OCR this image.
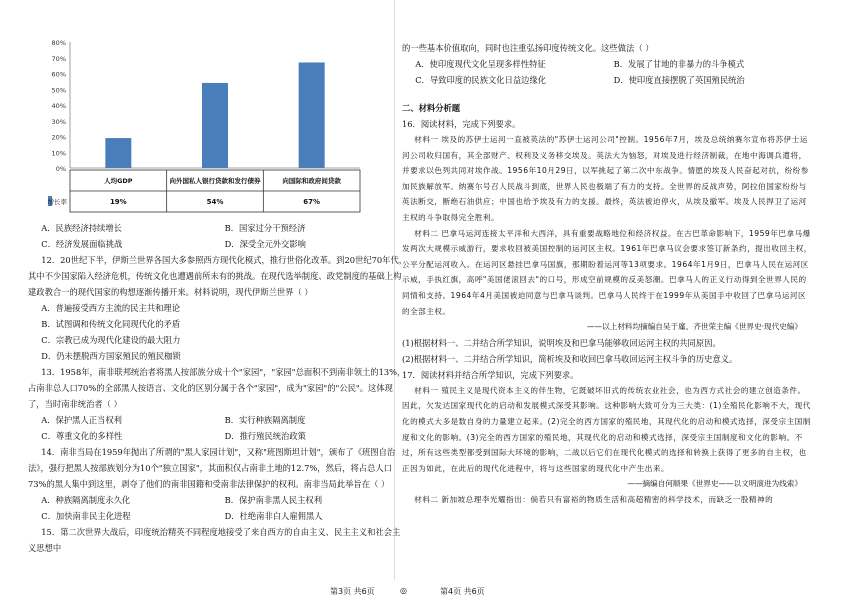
0%
10%
20%
30%
40%
50%
60%
70%
80%
增长率
人均GDP
19%
向外国私人银行贷款和发行债券
54%
向国际和政府间贷款
67%
A．民族经济持续增长	B．国家过分干预经济
C．经济发展面临挑战	D．深受全元外交影响

12．20世纪下半，伊斯兰世界各国大多参照西方现代化模式，推行世俗化改革。到20世纪70年代，其中不少国家陷入经济危机，传统文化也遭遇前所未有的挑战。在现代选举制度、政党制度的基础上构建政教合一的现代国家的构想逐渐传播开来。材料说明，现代伊斯兰世界（ ）

A．普遍接受西方主流的民主共和理论
B．试图调和传统文化同现代化的矛盾
C．宗教已成为现代化建设的最大阻力
D．仍未摆脱西方国家殖民的殖民枷锁

13．1958年，南非联邦统治者将黑人按部族分成十个"家园"，"家园"总面积不到南非领土的13%，占南非总人口70%的全部黑人按语言、文化的区别分属于各个"家园"，成为"家园"的"公民"。这体现了，当时南非统治者（ ）

A．保护黑人正当权利	B．实行种族隔离制度
C．尊重文化的多样性	D．推行殖民统治政策

14．南非当局在1959年抛出了所谓的"黑人家园计划"，又称"班图斯坦计划"，颁布了《班图自治法》，强行把黑人按部族划分为10个"独立国家"，其面积仅占南非土地的12.7%，然后，将占总人口73%的黑人集中到这里，剥夺了他们的南非国籍和受南非法律保护的权利。南非当局此举旨在（ ）

A．种族隔离制度永久化	B．保护南非黑人民主权利
C．加快南非民主化进程	D．杜绝南非白人雇佣黑人

15．第二次世界大战后，印度统治精英不同程度地接受了来自西方的自由主义、民主主义和社会主义思想中

的一些基本价值取向，同时也注重弘扬印度传统文化。这些做法（ ）

A．使印度现代文化呈现多样性特征	B．发展了甘地的非暴力的斗争模式
C．导致印度的民族文化日益边缘化	D．使印度直接摆脱了英国殖民统治

二、材料分析题

16．阅读材料，完成下列要求。

材料一 埃及的苏伊士运河一直被英法的"苏伊士运河公司"控制。1956年7月，埃及总统纳赛尔宣布将苏伊士运河公司收归国有，其全部财产、权利及义务移交埃及。英法大为恼怒，对埃及进行经济制裁，在地中海调兵遣将，并要求以色列共同对埃作战。1956年10月29日，以军挑起了第二次中东战争。情愿的埃及人民奋起对抗，纷纷参加民族解放军。纳赛尔号召人民战斗到底，世界人民也极端了有力的支持。全世界的反战声势，阿拉伯国家纷纷与英法断交，断绝石油供应；中国也给予埃及有力的支援。最终，英法被迫停火，从埃及撤军。埃及人民捍卫了运河主权的斗争取得完全胜利。

材料二 巴拿马运河连接太平洋和大西洋，具有重要战略地位和经济权益。在古巴革命影响下，1959年巴拿马爆发两次大规模示威游行，要求收回被美国控制的运河区主权。1961年巴拿马议会要求签订新条约，提出收回主权，公平分配运河收入。在运河区悬挂巴拿马国旗，那期盼着运河等13项要求。1964年1月9日，巴拿马人民在运河区示威，手执红旗，高呼"美国佬滚回去"的口号，形成空前规模的反美怒潮。巴拿马人的正义行动得到全世界人民的同情和支持。1964年4月美国被迫同意与巴拿马谈判。巴拿马人民终于在1999年从美国手中收回了巴拿马运河区的全部主权。

——以上材料均摘编自吴于廑、齐世荣主编《世界史·现代史编》

(1)根据材料一、二并结合所学知识，说明埃及和巴拿马能够收回运河主权的共同原因。

(2)根据材料一、二并结合所学知识，简析埃及和收回巴拿马收回运河主权斗争的历史意义。

17．阅读材料并结合所学知识，完成下列要求。

材料一 殖民主义是现代资本主义的伴生物，它既破坏旧式的传统农业社会，也为西方式社会的建立创造条件。因此，欠发达国家现代化的启动和发展模式深受其影响。这种影响大致可分为三大类：(1)全殖民化影响不大，现代化的模式大多是数自身的力量建立起来。(2)完全的西方国家的殖民地，其现代化的启动和模式选择，深受宗主国制度和文化的影响。(3)完全的西方国家的殖民地，其现代化的启动和模式选择，深受宗主国制度和文化的影响。不过，所有这些类型都受到国际大环境的影响，二战以后它们在现代化模式的选择和转换上获得了更多的自主权，也正因为如此，在此后的现代化进程中，将与这些国家的现代化中产生出来。

——摘编自何顺果《世界史——以文明演进为线索》

材料二 新加坡总理李光耀指出：倘若只有富裕的物质生活和高超精密的科学技术，而缺乏一股精神的

第3页 共6页	◎	第4页 共6页
